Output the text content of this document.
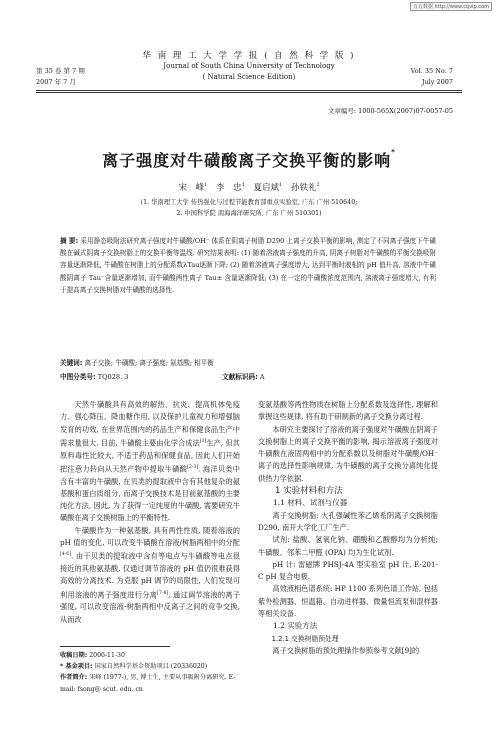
万方数据 http://www.cqvip.com
华 南 理 工 大 学 学 报 ( 自 然 科 学 版 )
Journal of South China University of Technology
( Natural Science Edition)
第 35 卷 第 7 期
2007 年 7 月
Vol. 35 No. 7
July 2007
文章编号: 1000-565X(2007)07-0057-05
离子强度对牛磺酸离子交换平衡的影响*
宋 峰$^1$ 李 忠$^1$ 夏启斌$^1$ 孙铁礼$^2$
(1. 华南理工大学 传热强化与过程节能教育部重点实验室, 广东 广州 510640;
2. 中国科学院 南海海洋研究所, 广东 广州 510301)
摘 要: 采用静态吸附法研究离子强度对牛磺酸/OH⁻ 体系在阴离子树脂 D290 上离子交换平衡的影响, 测定了不同离子强度下牛磺酸在碱式阴离子交换树脂上的交换平衡等温线. 研究结果表明: (1) 随着溶液离子强度的升高, 阴离子树脂对牛磺酸的平衡交换吸附容量逐渐降低, 牛磺酸在树脂上的分配系数λTau逐渐下降; (2) 随着溶液离子强度增大, 达到平衡时液相的 pH 值升高, 溶液中牛磺酸阴离子 Tau⁻含量逐渐增加, 而牛磺酸两性离子 Tau± 含量逐渐降低; (3) 在一定的牛磺酸浓度范围内, 溶液离子强度增大, 有利于提高离子交换树脂对牛磺酸的选择性.
关键词: 离子交换; 牛磺酸; 离子强度; 氨基酸; 相平衡
中图分类号: TQ028. 3	文献标识码: A

天然牛磺酸具有高效的解热、抗炎、提高机体免疫力、强心降压、降血糖作用, 以及保护儿童视力和增强脑发育的功效, 在世界范围内的药品生产和保健食品生产中需求量很大. 目前, 牛磺酸主要由化学合成法[1]生产, 但其原料毒性比较大, 不适于药品和保健食品, 因此人们开始把注意力转向从天然产物中提取牛磺酸[2-3]. 海洋贝类中含有丰富的牛磺酸, 在贝类的提取液中含有其他复杂的氨基酸和蛋白质组分, 而离子交换技术是目前氨基酸的主要纯化方法, 因此, 为了获得一定纯度的牛磺酸, 需要研究牛磺酸在离子交换树脂上的平衡特性.

牛磺酸作为一种氨基酸, 具有两性性质, 随着溶液的 pH 值的变化, 可以改变牛磺酸在溶液/树脂两相中的分配[4-6]. 由于贝类的提取液中含有等电点与牛磺酸等电点很接近的其他氨基酸, 仅通过调节溶液的 pH 值仍很难获得高效的分离技术. 为克服 pH 调节的局限性, 人们发现可利用溶液的离子强度进行分离[7-8], 通过调节溶液的离子强度, 可以改变溶液-树脂两相中反离子之间的竞争交换, 从而改

变氨基酸等两性物质在树脂上分配系数及选择性, 理解和掌握这些规律, 将有助于研制新的离子交换分离过程.

本研究主要探讨了溶液的离子强度对牛磺酸在阴离子交换树脂上的离子交换平衡的影响, 揭示溶液离子强度对牛磺酸在液固两相中的分配系数以及树脂对牛磺酸/OH⁻离子的选择性影响规律, 为牛磺酸的离子交换分离纯化提供热力学依据.

1 实验材料和方法

1.1 材料、试剂与仪器

离子交换树脂: 大孔强碱性苯乙烯系阴离子交换树脂 D290, 南开大学化工厂生产.

试剂: 盐酸、氢氧化钠、硼酸和乙酸醇均为分析纯; 牛磺酸、邻苯二甲醛 (OPA) 均为生化试剂.

pH 计: 雷磁牌 PHSJ-4A 型实验室 pH 计, E-201-C pH 复合电极.

高效液相色谱系统: HP 1100 系列色谱工作站, 包括紫外检测器、恒温箱、自动进样器、微量恒流泵和混样器等相关设备.

1.2 实验方法

1.2.1 交换树脂预处理

离子交换树脂的预处理操作参照参考文献[9]的

收稿日期: 2006-11-30
* 基金项目: 国家自然科学基金资助项目 (20336020)
作者简介: 宋峰 (1977-), 男, 博士生, 主要从事吸附分离研究. E-mail: fsong@ scut. edu. cn
